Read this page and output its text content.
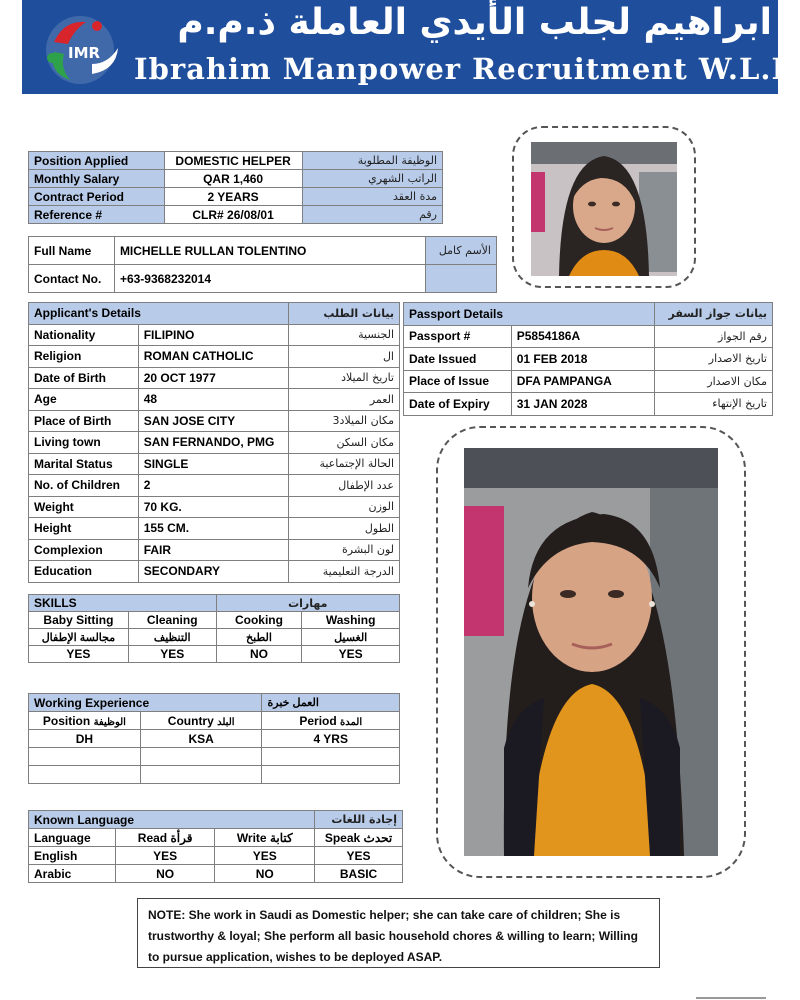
IMR
ابراهيم لجلب الأيدي العاملة ذ.م.م
Ibrahim Manpower Recruitment W.L.L
Position Applied	DOMESTIC HELPER	الوظيفة المطلوبة
Monthly Salary	QAR 1,460	الراتب الشهري
Contract Period	2 YEARS	مدة العقد
Reference #	CLR# 26/08/01	رقم
Full Name	MICHELLE RULLAN TOLENTINO	الأسم كامل
Contact No.	+63-9368232014	
Applicant's Details		بيانات الطلب
Nationality	FILIPINO	الجنسية
Religion	ROMAN CATHOLIC	ال
Date of Birth	20 OCT 1977	تاريخ الميلاد
Age	48	العمر
Place of Birth	SAN JOSE CITY	مكان الميلاد3
Living town	SAN FERNANDO, PMG	مكان السكن
Marital Status	SINGLE	الحالة الإجتماعية
No. of Children	2	عدد الإطفال
Weight	70 KG.	الوزن
Height	155 CM.	الطول
Complexion	FAIR	لون البشرة
Education	SECONDARY	الدرجة التعليمية
Passport Details		بيانات جواز السفر
Passport #	P5854186A	رقم الجواز
Date Issued	01 FEB 2018	تاريخ الاصدار
Place of Issue	DFA PAMPANGA	مكان الاصدار
Date of Expiry	31 JAN 2028	تاريخ الإنتهاء
SKILLS		مهارات	
Baby Sitting	Cleaning	Cooking	Washing
مجالسة الإطفال	التنظيف	الطبخ	الغسيل
YES	YES	NO	YES
Working Experience		العمل خبرة
Position الوظيفة	Country البلد	Period المدة
DH	KSA	4 YRS

Known Language			إجادة اللغات
Language	Read قرأة	Write كتابة	Speak تحدث
English	YES	YES	YES
Arabic	NO	NO	BASIC
NOTE: She work in Saudi as Domestic helper; she can take care of children; She is trustworthy & loyal; She perform all basic household chores & willing to learn; Willing to pursue application, wishes to be deployed ASAP.
